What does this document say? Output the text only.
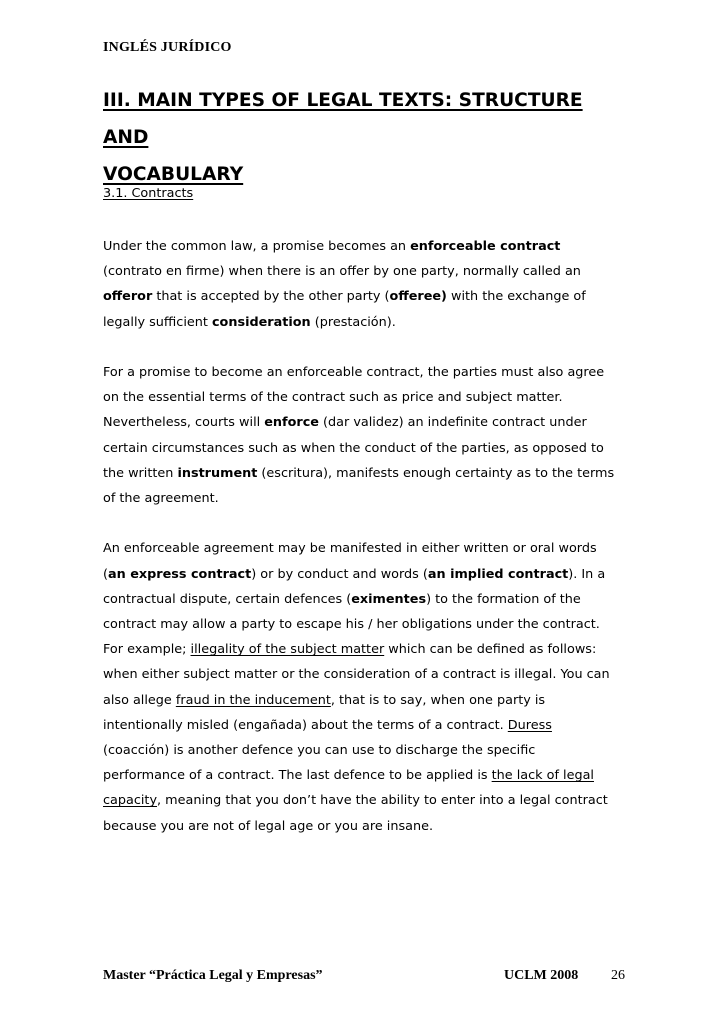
INGLÉS JURÍDICO
III. MAIN TYPES OF LEGAL TEXTS: STRUCTURE AND
VOCABULARY
3.1. Contracts

Under the common law, a promise becomes an enforceable contract
(contrato en firme) when there is an offer by one party, normally called an
offeror that is accepted by the other party (offeree) with the exchange of
legally sufficient consideration (prestación).

For a promise to become an enforceable contract, the parties must also agree
on the essential terms of the contract such as price and subject matter.
Nevertheless, courts will enforce (dar validez) an indefinite contract under
certain circumstances such as when the conduct of the parties, as opposed to
the written instrument (escritura), manifests enough certainty as to the terms
of the agreement.

An enforceable agreement may be manifested in either written or oral words
(an express contract) or by conduct and words (an implied contract). In a
contractual dispute, certain defences (eximentes) to the formation of the
contract may allow a party to escape his / her obligations under the contract.
For example; illegality of the subject matter which can be defined as follows:
when either subject matter or the consideration of a contract is illegal. You can
also allege fraud in the inducement, that is to say, when one party is
intentionally misled (engañada) about the terms of a contract. Duress
(coacción) is another defence you can use to discharge the specific
performance of a contract. The last defence to be applied is the lack of legal
capacity, meaning that you don’t have the ability to enter into a legal contract
because you are not of legal age or you are insane.

Master “Práctica Legal y Empresas”	UCLM 2008 26
